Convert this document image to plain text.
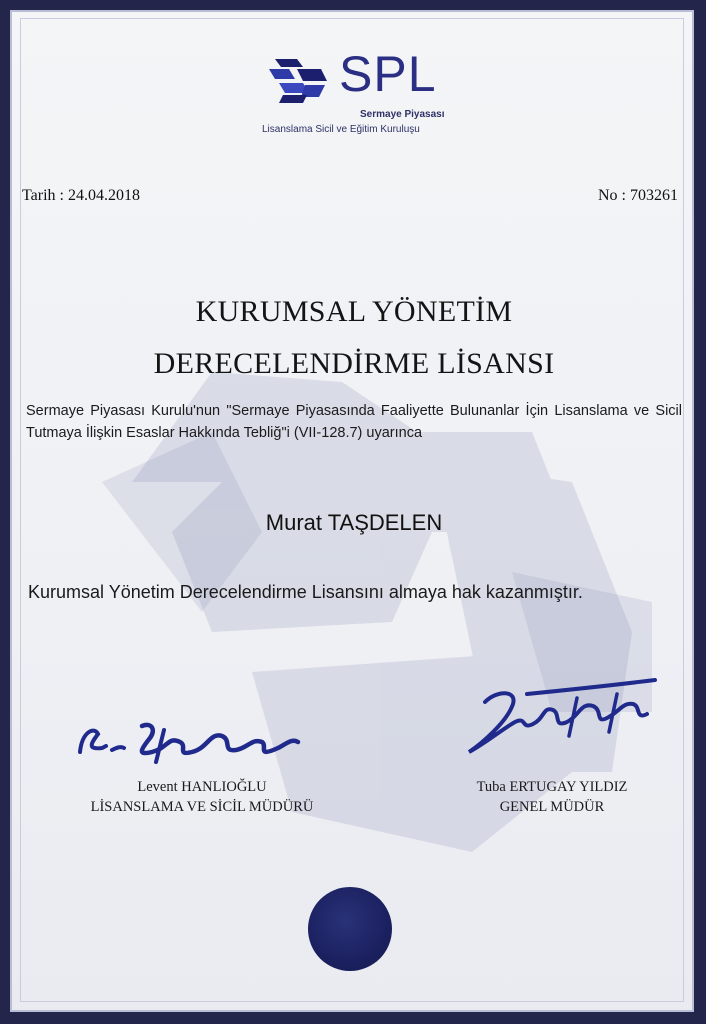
SPL
Sermaye Piyasası
Lisanslama Sicil ve Eğitim Kuruluşu
Tarih : 24.04.2018	No : 703261
KURUMSAL YÖNETİM
DERECELENDİRME LİSANSI
Sermaye Piyasası Kurulu'nun "Sermaye Piyasasında Faaliyette Bulunanlar İçin Lisanslama ve Sicil Tutmaya İlişkin Esaslar Hakkında Tebliğ"i (VII-128.7) uyarınca
Murat TAŞDELEN
Kurumsal Yönetim Derecelendirme Lisansını almaya hak kazanmıştır.
Levent HANLIOĞLU
LİSANSLAMA VE SİCİL MÜDÜRÜ
Tuba ERTUGAY YILDIZ
GENEL MÜDÜR
